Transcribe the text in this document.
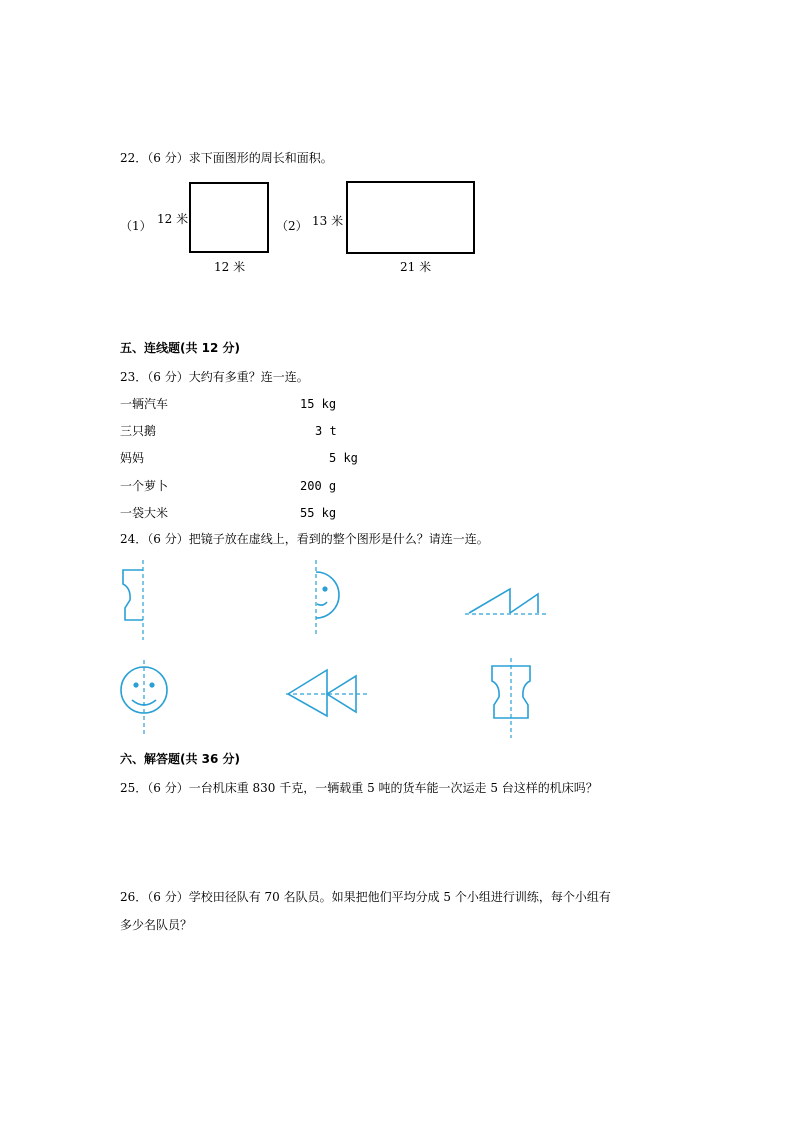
22．（6 分）求下面图形的周长和面积。
（1） 12 米
12 米
（2） 13 米
21 米
五、连线题(共 12 分)
23．（6 分）大约有多重？连一连。
一辆汽车
三只鹅
妈妈
一个萝卜
一袋大米
15 kg
3 t
5 kg
200 g
55 kg
24．（6 分）把镜子放在虚线上，看到的整个图形是什么？请连一连。
六、解答题(共 36 分)
25．（6 分）一台机床重 830 千克，一辆载重 5 吨的货车能一次运走 5 台这样的机床吗？
26．（6 分）学校田径队有 70 名队员。如果把他们平均分成 5 个小组进行训练，每个小组有
多少名队员？
